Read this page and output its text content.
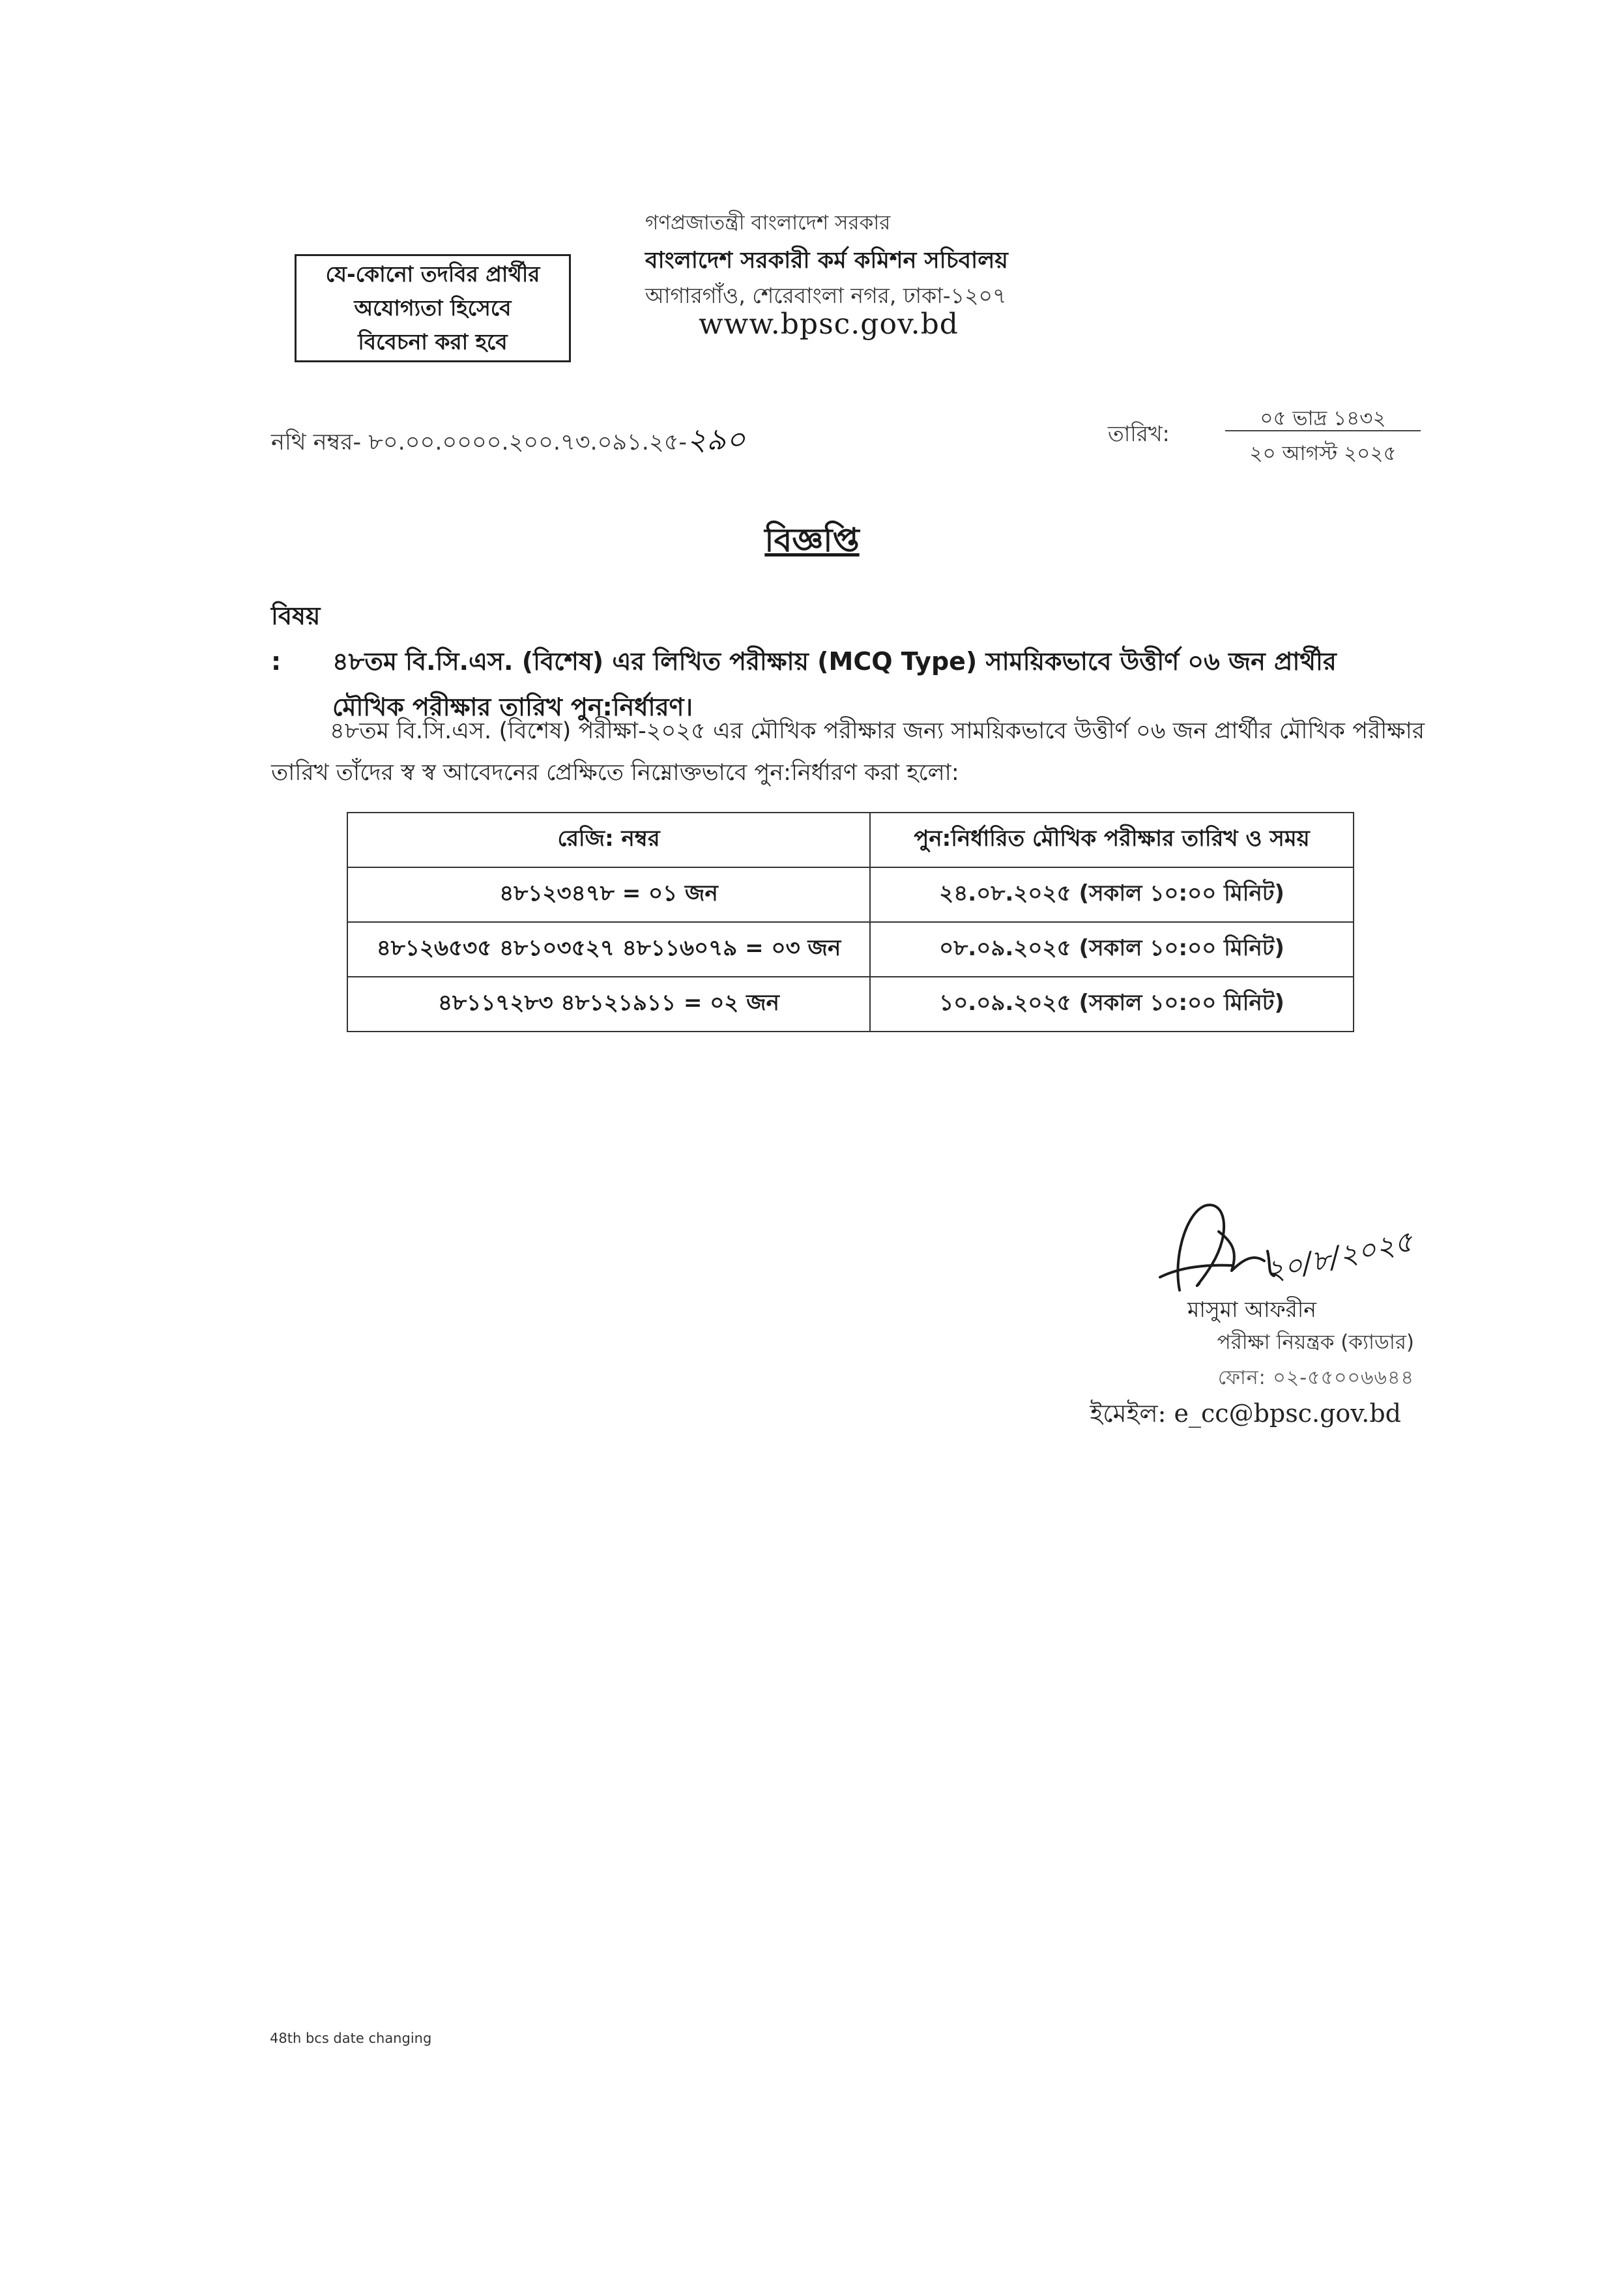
যে-কোনো তদবির প্রার্থীর
অযোগ্যতা হিসেবে
বিবেচনা করা হবে
গণপ্রজাতন্ত্রী বাংলাদেশ সরকার
বাংলাদেশ সরকারী কর্ম কমিশন সচিবালয়
আগারগাঁও, শেরেবাংলা নগর, ঢাকা-১২০৭
www.bpsc.gov.bd
নথি নম্বর- ৮০.০০.০০০০.২০০.৭৩.০৯১.২৫-২৯০	তারিখ:
০৫ ভাদ্র ১৪৩২
২০ আগস্ট ২০২৫
বিজ্ঞপ্তি
বিষয় : ৪৮তম বি.সি.এস. (বিশেষ) এর লিখিত পরীক্ষায় (MCQ Type) সাময়িকভাবে উত্তীর্ণ ০৬ জন প্রার্থীর
মৌখিক পরীক্ষার তারিখ পুন:নির্ধারণ।
৪৮তম বি.সি.এস. (বিশেষ) পরীক্ষা-২০২৫ এর মৌখিক পরীক্ষার জন্য সাময়িকভাবে উত্তীর্ণ ০৬ জন প্রার্থীর মৌখিক পরীক্ষার তারিখ তাঁদের স্ব স্ব আবেদনের প্রেক্ষিতে নিম্নোক্তভাবে পুন:নির্ধারণ করা হলো:
রেজি: নম্বর	পুন:নির্ধারিত মৌখিক পরীক্ষার তারিখ ও সময়
৪৮১২৩৪৭৮ = ০১ জন	২৪.০৮.২০২৫ (সকাল ১০:০০ মিনিট)
৪৮১২৬৫৩৫ ৪৮১০৩৫২৭ ৪৮১১৬০৭৯ = ০৩ জন	০৮.০৯.২০২৫ (সকাল ১০:০০ মিনিট)
৪৮১১৭২৮৩ ৪৮১২১৯১১ = ০২ জন	১০.০৯.২০২৫ (সকাল ১০:০০ মিনিট)
২০/৮/২০২৫
মাসুমা আফরীন
পরীক্ষা নিয়ন্ত্রক (ক্যাডার)
ফোন: ০২-৫৫০০৬৬৪৪
ইমেইল: e_cc@bpsc.gov.bd
48th bcs date changing
